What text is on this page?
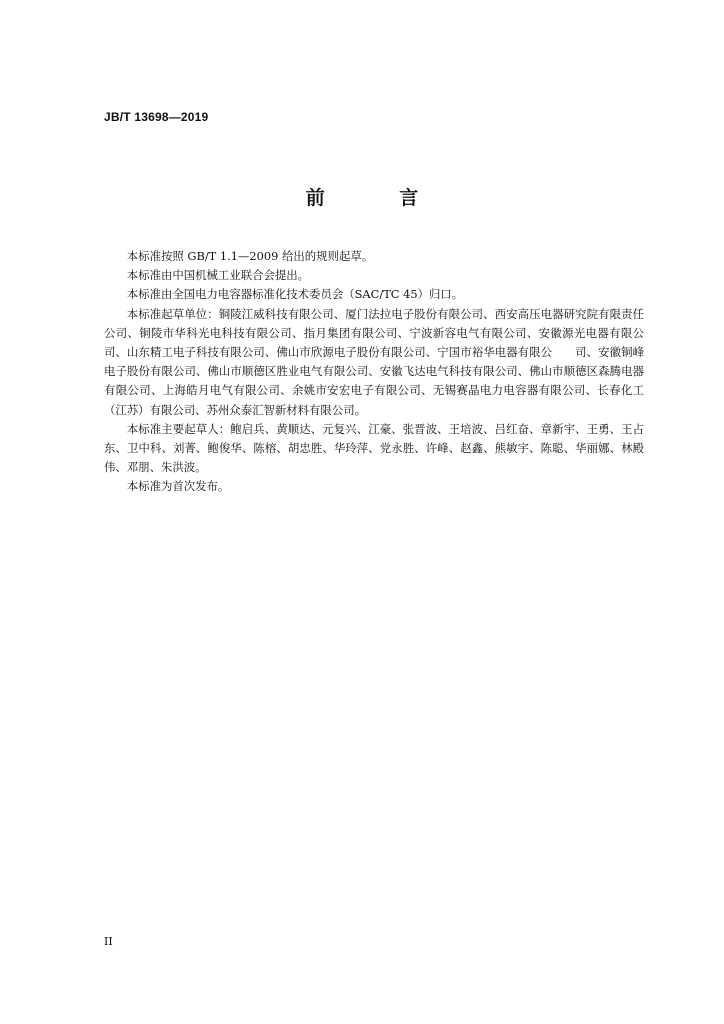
JB/T 13698—2019
前 言

本标准按照 GB/T 1.1—2009 给出的规则起草。

本标准由中国机械工业联合会提出。

本标准由全国电力电容器标准化技术委员会（SAC/TC 45）归口。

本标准起草单位：铜陵江威科技有限公司、厦门法拉电子股份有限公司、西安高压电器研究院有限责任公司、铜陵市华科光电科技有限公司、指月集团有限公司、宁波新容电气有限公司、安徽源光电器有限公司、山东精工电子科技有限公司、佛山市欣源电子股份有限公司、宁国市裕华电器有限公　　司、安徽铜峰电子股份有限公司、佛山市顺德区胜业电气有限公司、安徽飞达电气科技有限公司、佛山市顺德区森腾电器有限公司、上海皓月电气有限公司、余姚市安宏电子有限公司、无锡赛晶电力电容器有限公司、长春化工（江苏）有限公司、苏州众泰汇智新材料有限公司。

本标准主要起草人：鲍启兵、黄顺达、元复兴、江豪、张晋波、王培波、吕红奋、章新宇、王勇、王占东、卫中科、刘菁、鲍俊华、陈榕、胡忠胜、华玲萍、党永胜、许峰、赵鑫、熊敏宇、陈聪、华丽娜、林殿伟、邓朋、朱洪波。

本标准为首次发布。

II
